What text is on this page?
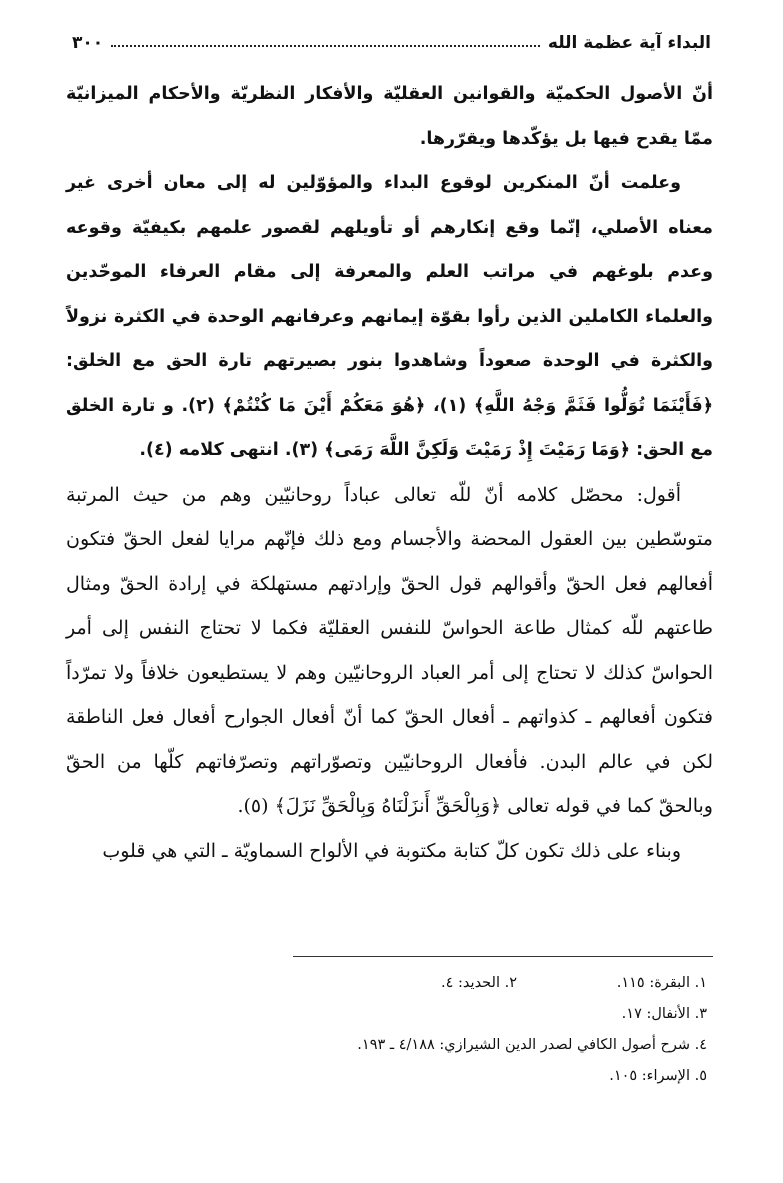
البداء آية عظمة الله
٣٠٠

أنّ الأصول الحكميّة والقوانين العقليّة والأفكار النظريّة والأحكام الميزانيّة ممّا يقدح فيها بل يؤكّدها ويقرّرها.

وعلمت أنّ المنكرين لوقوع البداء والمؤوّلين له إلى معان أخرى غير معناه الأصلي، إنّما وقع إنكارهم أو تأويلهم لقصور علمهم بكيفيّة وقوعه وعدم بلوغهم في مراتب العلم والمعرفة إلى مقام العرفاء الموحّدين والعلماء الكاملين الذين رأوا بقوّة إيمانهم وعرفانهم الوحدة في الكثرة نزولاً والكثرة في الوحدة صعوداً وشاهدوا بنور بصيرتهم تارة الحق مع الخلق: ﴿فَأَيْنَمَا تُوَلُّوا فَثَمَّ وَجْهُ اللَّهِ﴾ (١)، ﴿هُوَ مَعَكُمْ أَيْنَ مَا كُنْتُمْ﴾ (٢). و تارة الخلق مع الحق: ﴿وَمَا رَمَيْتَ إِذْ رَمَيْتَ وَلَكِنَّ اللَّهَ رَمَى﴾ (٣). انتهى كلامه (٤).

أقول: محصّل كلامه أنّ للّه تعالى عباداً روحانيّين وهم من حيث المرتبة متوسّطين بين العقول المحضة والأجسام ومع ذلك فإنّهم مرايا لفعل الحقّ فتكون أفعالهم فعل الحقّ وأقوالهم قول الحقّ وإرادتهم مستهلكة في إرادة الحقّ ومثال طاعتهم للّه كمثال طاعة الحواسّ للنفس العقليّة فكما لا تحتاج النفس إلى أمر الحواسّ كذلك لا تحتاج إلى أمر العباد الروحانيّين وهم لا يستطيعون خلافاً ولا تمرّداً فتكون أفعالهم ـ كذواتهم ـ أفعال الحقّ كما أنّ أفعال الجوارح أفعال فعل الناطقة لكن في عالم البدن. فأفعال الروحانيّين وتصوّراتهم وتصرّفاتهم كلّها من الحقّ وبالحقّ كما في قوله تعالى ﴿وَبِالْحَقِّ أَنزَلْنَاهُ وَبِالْحَقِّ نَزَلَ﴾ (٥).

وبناء على ذلك تكون كلّ كتابة مكتوبة في الألواح السماويّة ـ التي هي قلوب

١. البقرة: ١١٥.
٢. الحديد: ٤.
٣. الأنفال: ١٧.
٤. شرح أصول الكافي لصدر الدين الشيرازي: ٤/١٨٨ ـ ١٩٣.
٥. الإسراء: ١٠٥.
